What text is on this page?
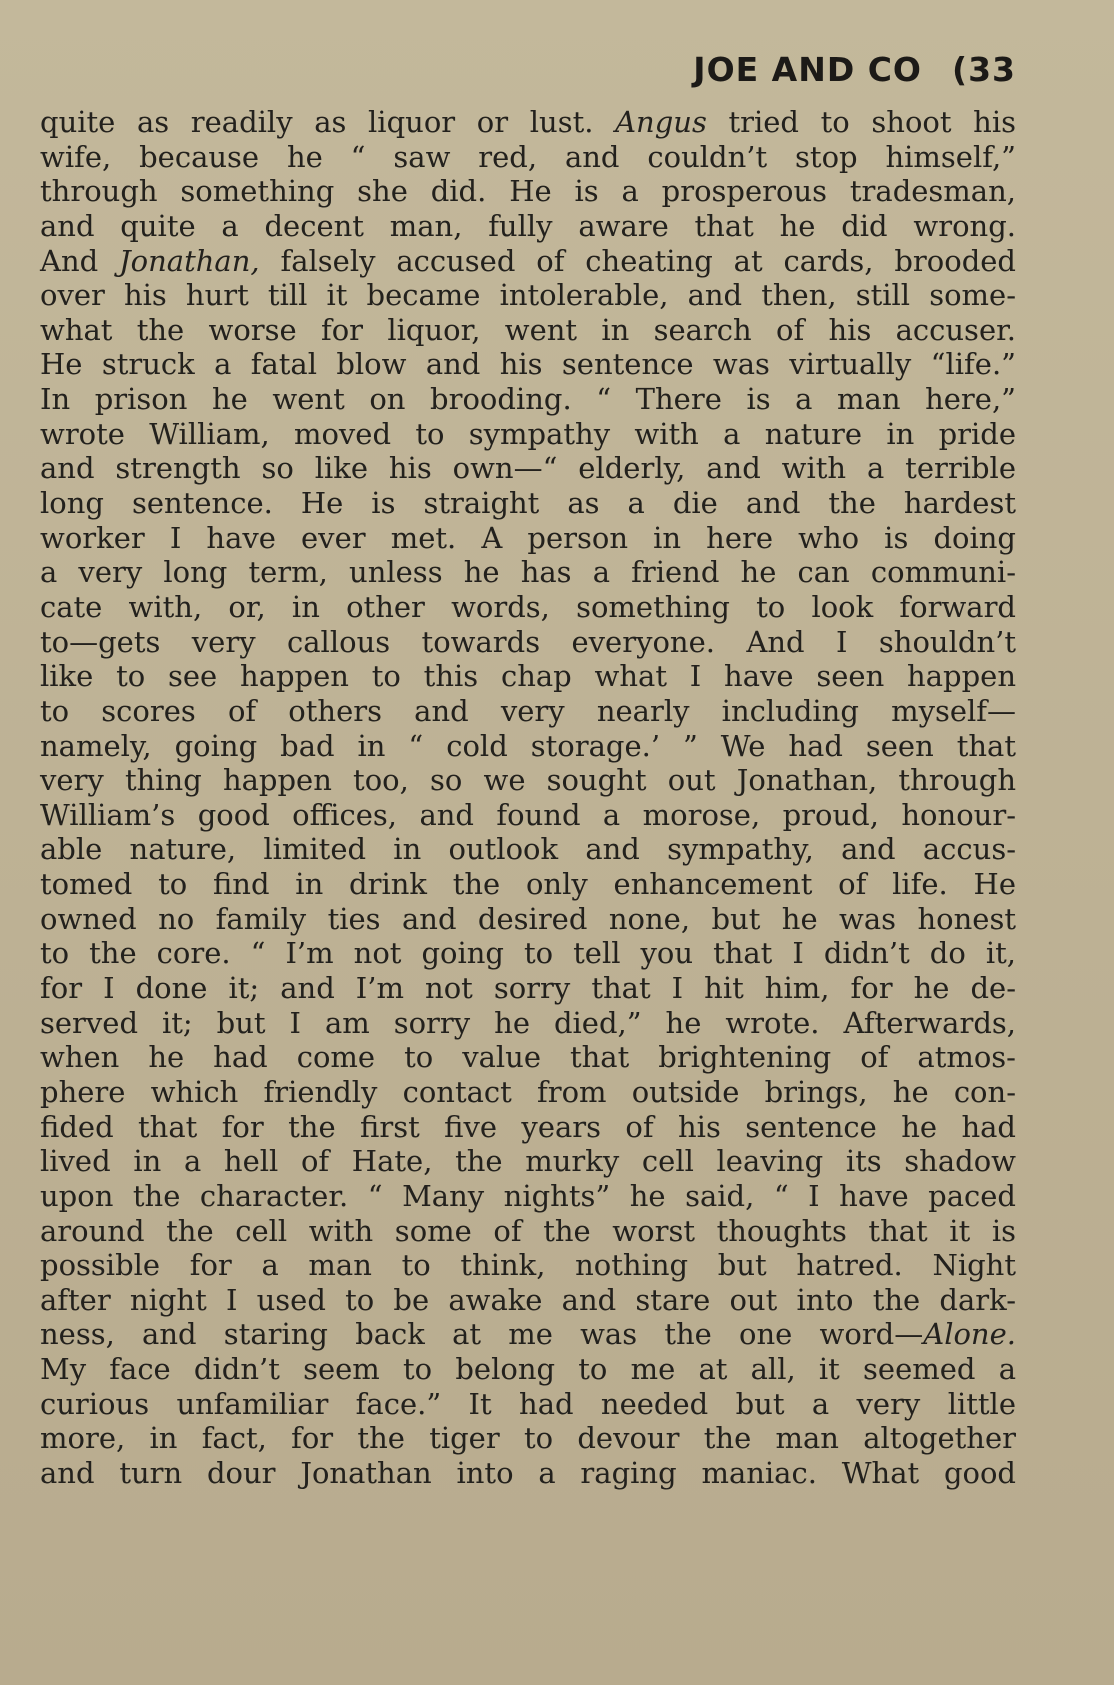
JOE AND CO (33
quite as readily as liquor or lust. Angus tried to shoot his
wife, because he “ saw red, and couldn’t stop himself,”
through something she did. He is a prosperous tradesman,
and quite a decent man, fully aware that he did wrong.
And Jonathan, falsely accused of cheating at cards, brooded
over his hurt till it became intolerable, and then, still some-
what the worse for liquor, went in search of his accuser.
He struck a fatal blow and his sentence was virtually “life.”
In prison he went on brooding. “ There is a man here,”
wrote William, moved to sympathy with a nature in pride
and strength so like his own—“ elderly, and with a terrible
long sentence. He is straight as a die and the hardest
worker I have ever met. A person in here who is doing
a very long term, unless he has a friend he can communi-
cate with, or, in other words, something to look forward
to—gets very callous towards everyone. And I shouldn’t
like to see happen to this chap what I have seen happen
to scores of others and very nearly including myself—
namely, going bad in “ cold storage.’ ” We had seen that
very thing happen too, so we sought out Jonathan, through
William’s good offices, and found a morose, proud, honour-
able nature, limited in outlook and sympathy, and accus-
tomed to find in drink the only enhancement of life. He
owned no family ties and desired none, but he was honest
to the core. “ I’m not going to tell you that I didn’t do it,
for I done it; and I’m not sorry that I hit him, for he de-
served it; but I am sorry he died,” he wrote. Afterwards,
when he had come to value that brightening of atmos-
phere which friendly contact from outside brings, he con-
fided that for the first five years of his sentence he had
lived in a hell of Hate, the murky cell leaving its shadow
upon the character. “ Many nights” he said, “ I have paced
around the cell with some of the worst thoughts that it is
possible for a man to think, nothing but hatred. Night
after night I used to be awake and stare out into the dark-
ness, and staring back at me was the one word—Alone.
My face didn’t seem to belong to me at all, it seemed a
curious unfamiliar face.” It had needed but a very little
more, in fact, for the tiger to devour the man altogether
and turn dour Jonathan into a raging maniac. What good
